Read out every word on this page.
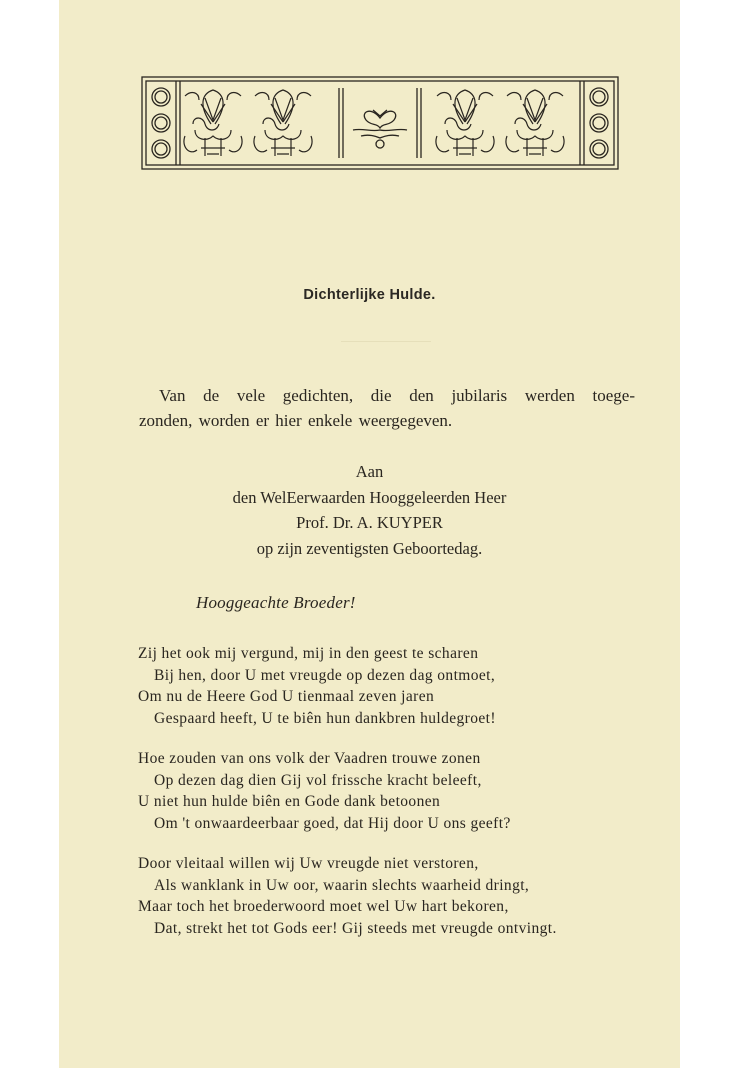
Dichterlijke Hulde.

Van de vele gedichten, die den jubilaris werden toege-

zonden, worden er hier enkele weergegeven.

Aan
den WelEerwaarden Hooggeleerden Heer
Prof. Dr. A. KUYPER
op zijn zeventigsten Geboortedag.
Hooggeachte Broeder!
Zij het ook mij vergund, mij in den geest te scharen
Bij hen, door U met vreugde op dezen dag ontmoet,
Om nu de Heere God U tienmaal zeven jaren
Gespaard heeft, U te biên hun dankbren huldegroet!
Hoe zouden van ons volk der Vaadren trouwe zonen
Op dezen dag dien Gij vol frissche kracht beleeft,
U niet hun hulde biên en Gode dank betoonen
Om 't onwaardeerbaar goed, dat Hij door U ons geeft?
Door vleitaal willen wij Uw vreugde niet verstoren,
Als wanklank in Uw oor, waarin slechts waarheid dringt,
Maar toch het broederwoord moet wel Uw hart bekoren,
Dat, strekt het tot Gods eer! Gij steeds met vreugde ontvingt.
